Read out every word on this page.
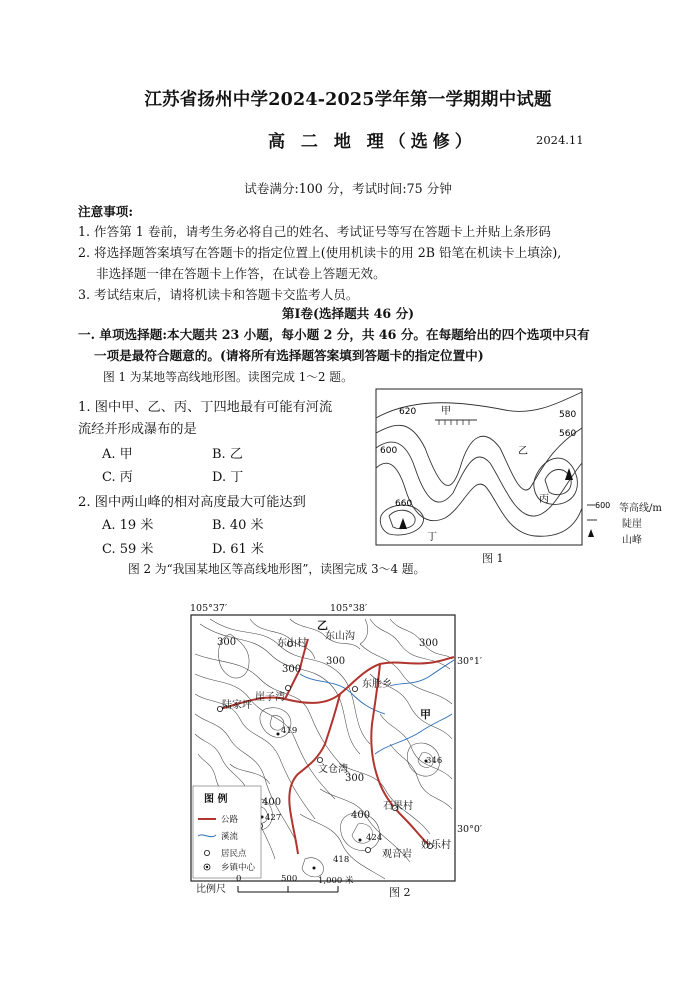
江苏省扬州中学2024-2025学年第一学期期中试题
高 二 地 理（选修）	2024.11
试卷满分:100 分，考试时间:75 分钟
注意事项:
1. 作答第 1 卷前，请考生务必将自己的姓名、考试证号等写在答题卡上并贴上条形码
2. 将选择题答案填写在答题卡的指定位置上(使用机读卡的用 2B 铅笔在机读卡上填涂),
非选择题一律在答题卡上作答，在试卷上答题无效。
3. 考试结束后，请将机读卡和答题卡交监考人员。
第Ⅰ卷(选择题共 46 分)
一. 单项选择题:本大题共 23 小题，每小题 2 分，共 46 分。在每题给出的四个选项中只有
一项是最符合题意的。(请将所有选择题答案填到答题卡的指定位置中)
图 1 为某地等高线地形图。读图完成 1～2 题。
1. 图中甲、乙、丙、丁四地最有可能有河流
流经并形成瀑布的是
A. 甲	B. 乙
C. 丙	D. 丁
2. 图中两山峰的相对高度最大可能达到
A. 19 米	B. 40 米
C. 59 米	D. 61 米
620	580
560
600
660
甲
乙
丙
丁
600 等高线/m
陡崖
山峰
图 1
图 2 为“我国某地区等高线地形图”，读图完成 3～4 题。
105°37′	105°38′
30°1′
30°0′
乙
东山村
东山沟
崖子湾
陆家坪
东胜乡
甲
文仓湾
石果村
妙乐村
观音岩
300
300
300
300
300
400
400
419
427
424
418
346
图 例
公路
溪流
居民点
乡镇中心
比例尺
0	500 1,000 米
图 2
